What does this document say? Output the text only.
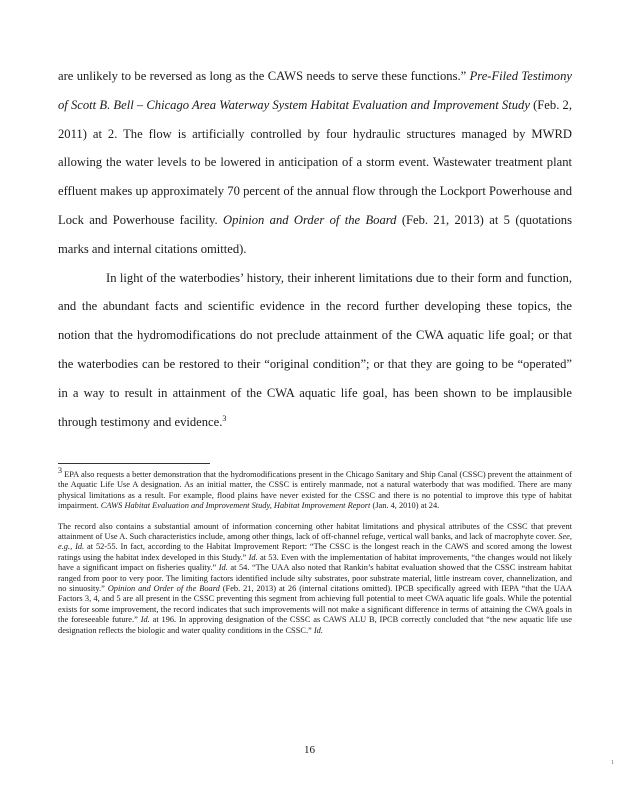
are unlikely to be reversed as long as the CAWS needs to serve these functions.” Pre-Filed Testimony of Scott B. Bell – Chicago Area Waterway System Habitat Evaluation and Improvement Study (Feb. 2, 2011) at 2. The flow is artificially controlled by four hydraulic structures managed by MWRD allowing the water levels to be lowered in anticipation of a storm event. Wastewater treatment plant effluent makes up approximately 70 percent of the annual flow through the Lockport Powerhouse and Lock and Powerhouse facility. Opinion and Order of the Board (Feb. 21, 2013) at 5 (quotations marks and internal citations omitted).

In light of the waterbodies’ history, their inherent limitations due to their form and function, and the abundant facts and scientific evidence in the record further developing these topics, the notion that the hydromodifications do not preclude attainment of the CWA aquatic life goal; or that the waterbodies can be restored to their “original condition”; or that they are going to be “operated” in a way to result in attainment of the CWA aquatic life goal, has been shown to be implausible through testimony and evidence.$^3$

$^3$ EPA also requests a better demonstration that the hydromodifications present in the Chicago Sanitary and Ship Canal (CSSC) prevent the attainment of the Aquatic Life Use A designation. As an initial matter, the CSSC is entirely manmade, not a natural waterbody that was modified. There are many physical limitations as a result. For example, flood plains have never existed for the CSSC and there is no potential to improve this type of habitat impairment. CAWS Habitat Evaluation and Improvement Study, Habitat Improvement Report (Jan. 4, 2010) at 24.

The record also contains a substantial amount of information concerning other habitat limitations and physical attributes of the CSSC that prevent attainment of Use A. Such characteristics include, among other things, lack of off-channel refuge, vertical wall banks, and lack of macrophyte cover. See, e.g., Id. at 52-55. In fact, according to the Habitat Improvement Report: “The CSSC is the longest reach in the CAWS and scored among the lowest ratings using the habitat index developed in this Study.” Id. at 53. Even with the implementation of habitat improvements, “the changes would not likely have a significant impact on fisheries quality.” Id. at 54. “The UAA also noted that Rankin’s habitat evaluation showed that the CSSC instream habitat ranged from poor to very poor. The limiting factors identified include silty substrates, poor substrate material, little instream cover, channelization, and no sinuosity.” Opinion and Order of the Board (Feb. 21, 2013) at 26 (internal citations omitted). IPCB specifically agreed with IEPA “that the UAA Factors 3, 4, and 5 are all present in the CSSC preventing this segment from achieving full potential to meet CWA aquatic life goals. While the potential exists for some improvement, the record indicates that such improvements will not make a significant difference in terms of attaining the CWA goals in the foreseeable future.” Id. at 196. In approving designation of the CSSC as CAWS ALU B, IPCB correctly concluded that “the new aquatic life use designation reflects the biologic and water quality conditions in the CSSC.” Id.

16
1
